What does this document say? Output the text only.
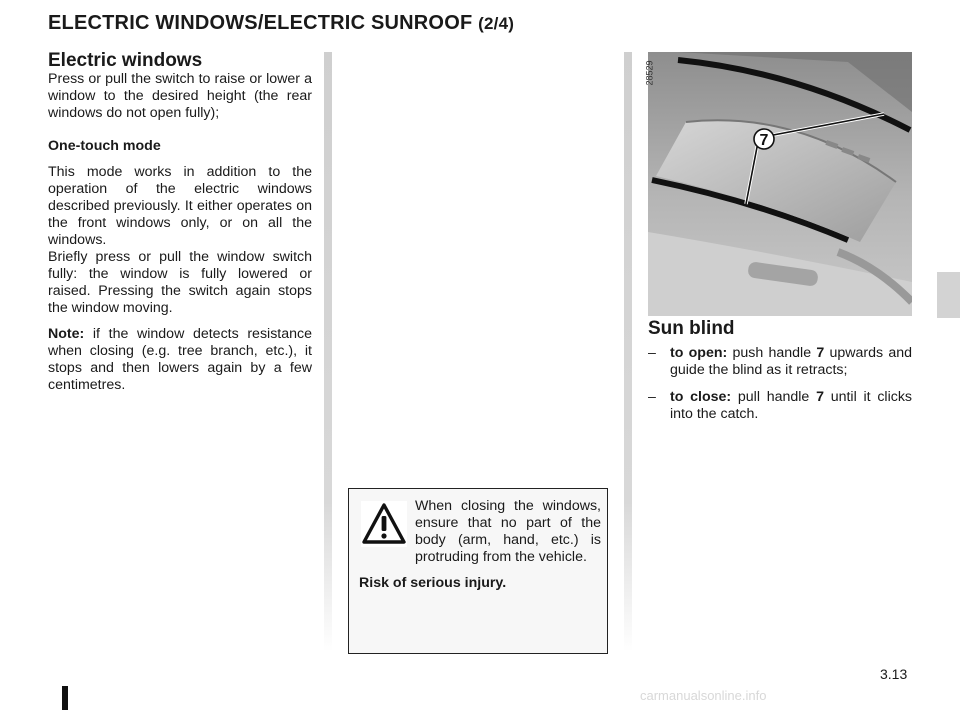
ELECTRIC WINDOWS/ELECTRIC SUNROOF (2/4)
Electric windows

Press or pull the switch to raise or lower a window to the desired height (the rear windows do not open fully);

One-touch mode

This mode works in addition to the operation of the electric windows described previously. It either operates on the front windows only, or on all the windows.

Briefly press or pull the window switch fully: the window is fully lowered or raised. Pressing the switch again stops the window moving.

Note: if the window detects resistance when closing (e.g. tree branch, etc.), it stops and then lowers again by a few centimetres.

When closing the windows, ensure that no part of the body (arm, hand, etc.) is protruding from the vehicle.
Risk of serious injury.
7
28529
Sun blind
– to open: push handle 7 upwards and guide the blind as it retracts;
– to close: pull handle 7 until it clicks into the catch.
3.13
carmanualsonline.info
